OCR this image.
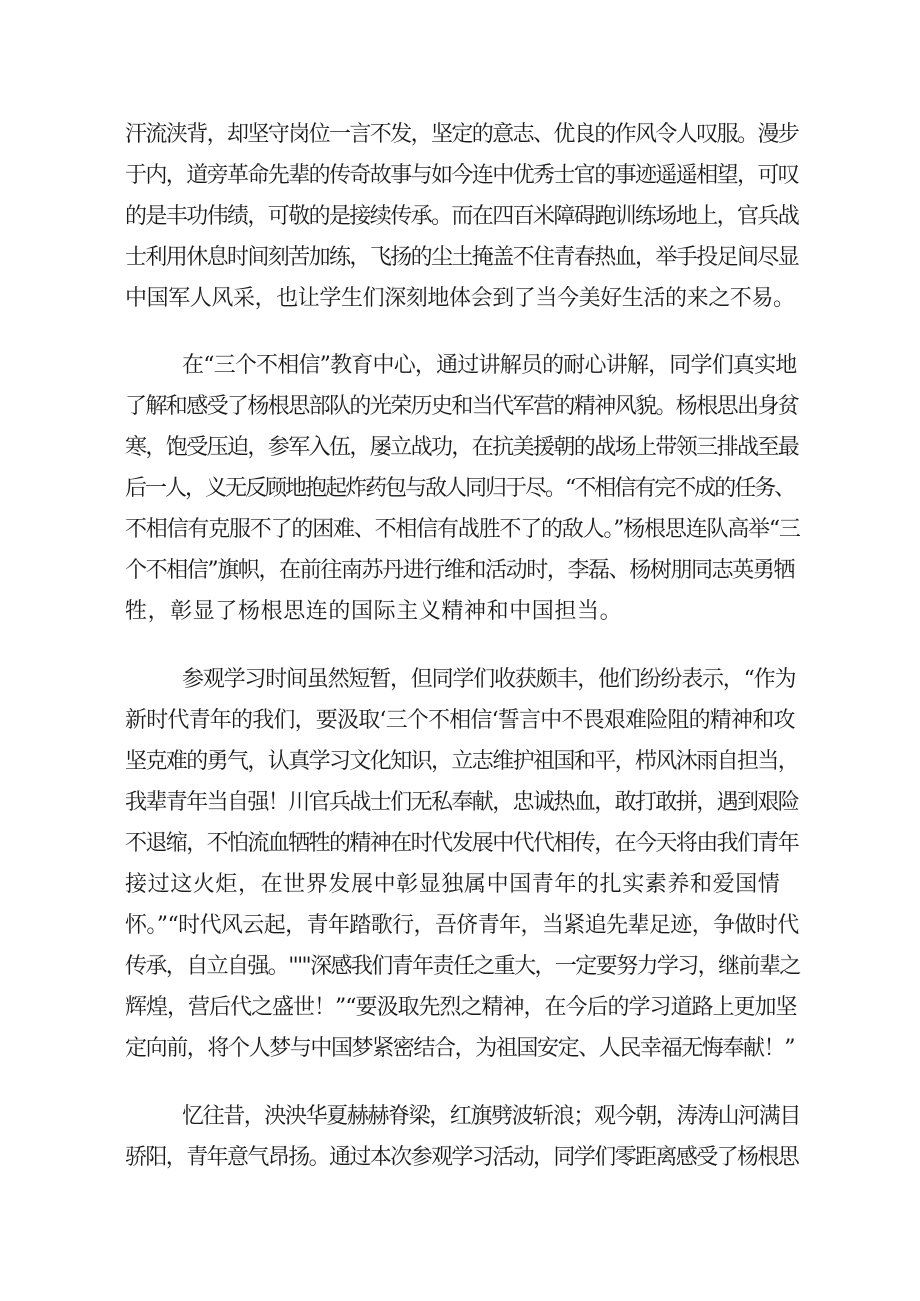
汗流浃背，却坚守岗位一言不发，坚定的意志、优良的作风令人叹服。漫步

于内，道旁革命先辈的传奇故事与如今连中优秀士官的事迹遥遥相望，可叹

的是丰功伟绩，可敬的是接续传承。而在四百米障碍跑训练场地上，官兵战

士利用休息时间刻苦加练，飞扬的尘土掩盖不住青春热血，举手投足间尽显

中国军人风采，也让学生们深刻地体会到了当今美好生活的来之不易。

在“三个不相信”教育中心，通过讲解员的耐心讲解，同学们真实地

了解和感受了杨根思部队的光荣历史和当代军营的精神风貌。杨根思出身贫

寒，饱受压迫，参军入伍，屡立战功，在抗美援朝的战场上带领三排战至最

后一人，义无反顾地抱起炸药包与敌人同归于尽。“不相信有完不成的任务、

不相信有克服不了的困难、不相信有战胜不了的敌人。”杨根思连队高举“三

个不相信”旗帜，在前往南苏丹进行维和活动时，李磊、杨树朋同志英勇牺

牲，彰显了杨根思连的国际主义精神和中国担当。

参观学习时间虽然短暂，但同学们收获颇丰，他们纷纷表示，“作为

新时代青年的我们，要汲取‘三个不相信‘誓言中不畏艰难险阻的精神和攻

坚克难的勇气，认真学习文化知识，立志维护祖国和平，栉风沐雨自担当，

我辈青年当自强！川官兵战士们无私奉献，忠诚热血，敢打敢拼，遇到艰险

不退缩，不怕流血牺牲的精神在时代发展中代代相传，在今天将由我们青年

接过这火炬，在世界发展中彰显独属中国青年的扎实素养和爱国情

怀。”“时代风云起，青年踏歌行，吾侪青年，当紧追先辈足迹，争做时代

传承，自立自强。'''"深感我们青年责任之重大，一定要努力学习，继前辈之

辉煌，营后代之盛世！”“要汲取先烈之精神，在今后的学习道路上更加坚

定向前，将个人梦与中国梦紧密结合，为祖国安定、人民幸福无悔奉献！”

忆往昔，泱泱华夏赫赫脊梁，红旗劈波斩浪；观今朝，涛涛山河满目

骄阳，青年意气昂扬。通过本次参观学习活动，同学们零距离感受了杨根思
